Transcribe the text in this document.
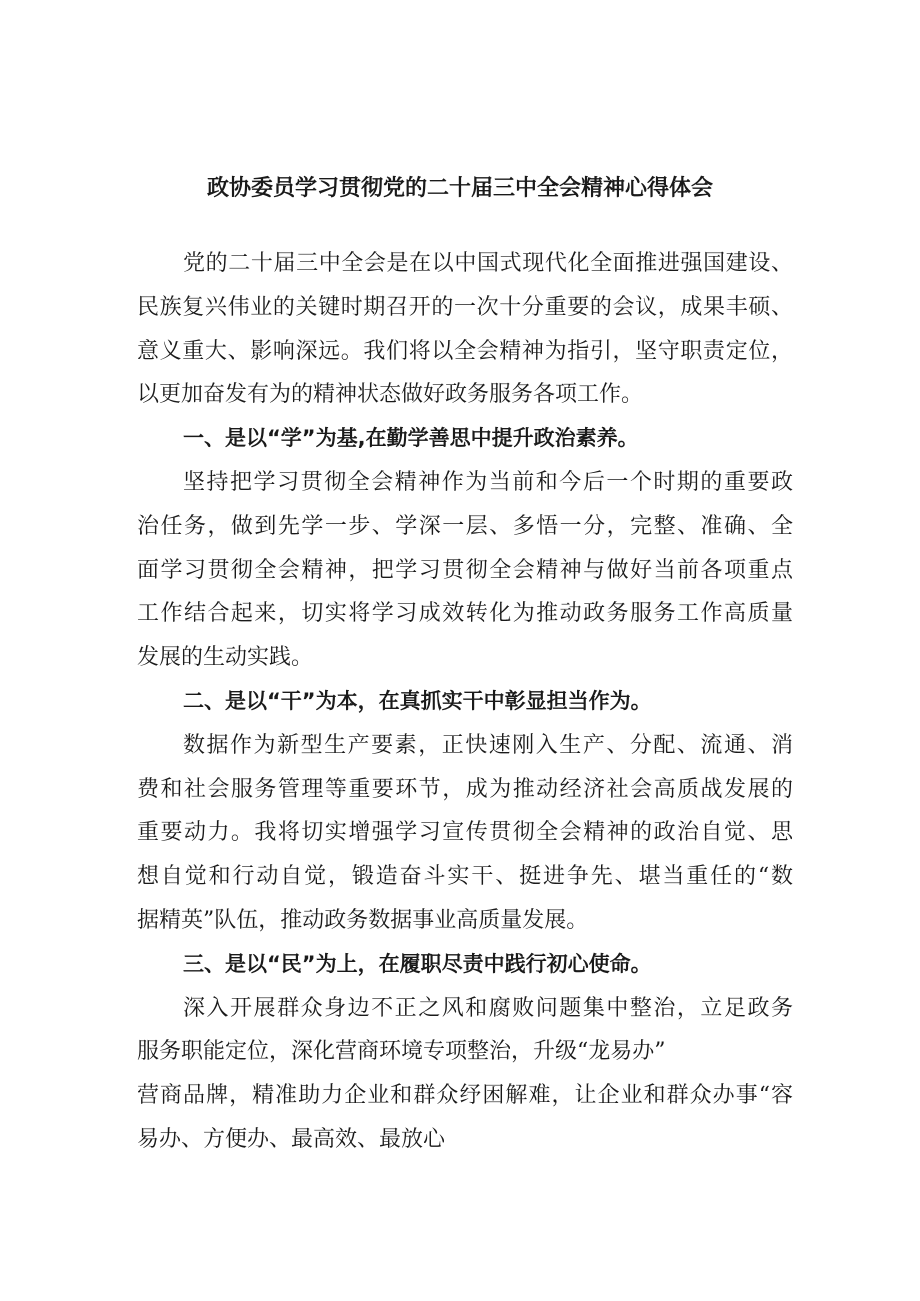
政协委员学习贯彻党的二十届三中全会精神心得体会
党的二十届三中全会是在以中国式现代化全面推进强国建设、
民族复兴伟业的关键时期召开的一次十分重要的会议，成果丰硕、
意义重大、影响深远。我们将以全会精神为指引，坚守职责定位，
以更加奋发有为的精神状态做好政务服务各项工作。
一、是以“学”为基,在勤学善思中提升政治素养。
坚持把学习贯彻全会精神作为当前和今后一个时期的重要政
治任务，做到先学一步、学深一层、多悟一分，完整、准确、全
面学习贯彻全会精神，把学习贯彻全会精神与做好当前各项重点
工作结合起来，切实将学习成效转化为推动政务服务工作高质量
发展的生动实践。
二、是以“干”为本，在真抓实干中彰显担当作为。
数据作为新型生产要素，正快速刚入生产、分配、流通、消
费和社会服务管理等重要环节，成为推动经济社会高质战发展的
重要动力。我将切实增强学习宣传贯彻全会精神的政治自觉、思
想自觉和行动自觉，锻造奋斗实干、挺进争先、堪当重任的“数
据精英”队伍，推动政务数据事业高质量发展。
三、是以“民”为上，在履职尽责中践行初心使命。
深入开展群众身边不正之风和腐败问题集中整治，立足政务
服务职能定位，深化营商环境专项整治，升级“龙易办”
营商品牌，精准助力企业和群众纾困解难，让企业和群众办事“容
易办、方便办、最高效、最放心
